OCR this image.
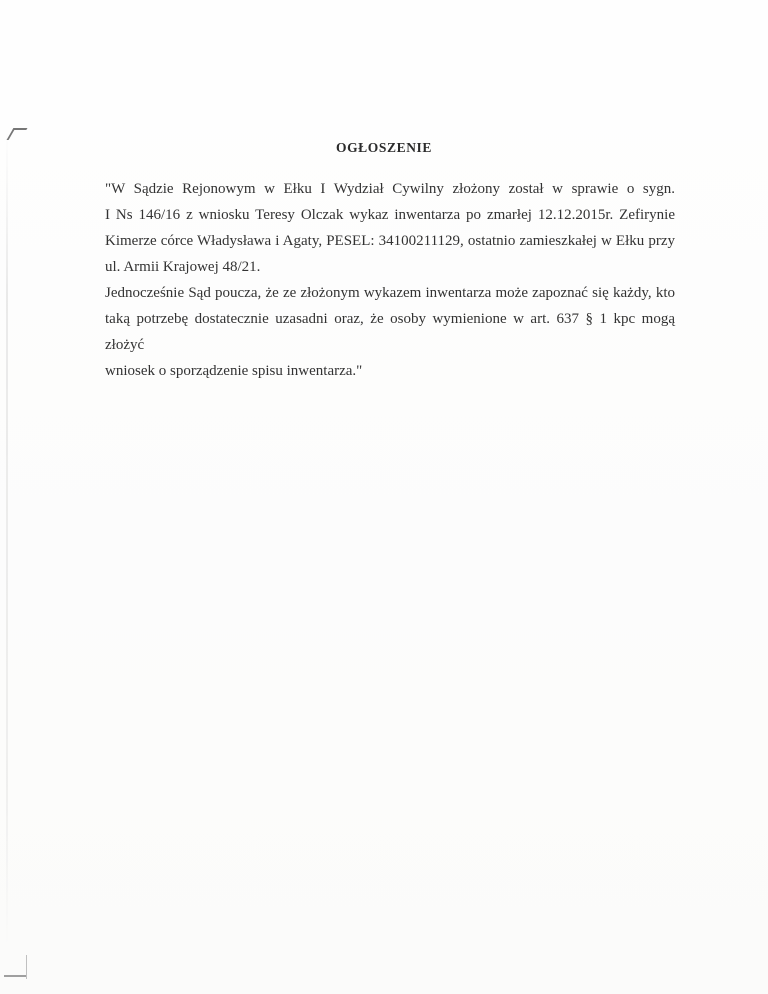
OGŁOSZENIE
"W Sądzie Rejonowym w Ełku I Wydział Cywilny złożony został w sprawie o sygn.
I Ns 146/16 z wniosku Teresy Olczak wykaz inwentarza po zmarłej 12.12.2015r. Zefirynie
Kimerze córce Władysława i Agaty, PESEL: 34100211129, ostatnio zamieszkałej w Ełku przy
ul. Armii Krajowej 48/21.
Jednocześnie Sąd poucza, że ze złożonym wykazem inwentarza może zapoznać się każdy, kto
taką potrzebę dostatecznie uzasadni oraz, że osoby wymienione w art. 637 § 1 kpc mogą złożyć
wniosek o sporządzenie spisu inwentarza."
